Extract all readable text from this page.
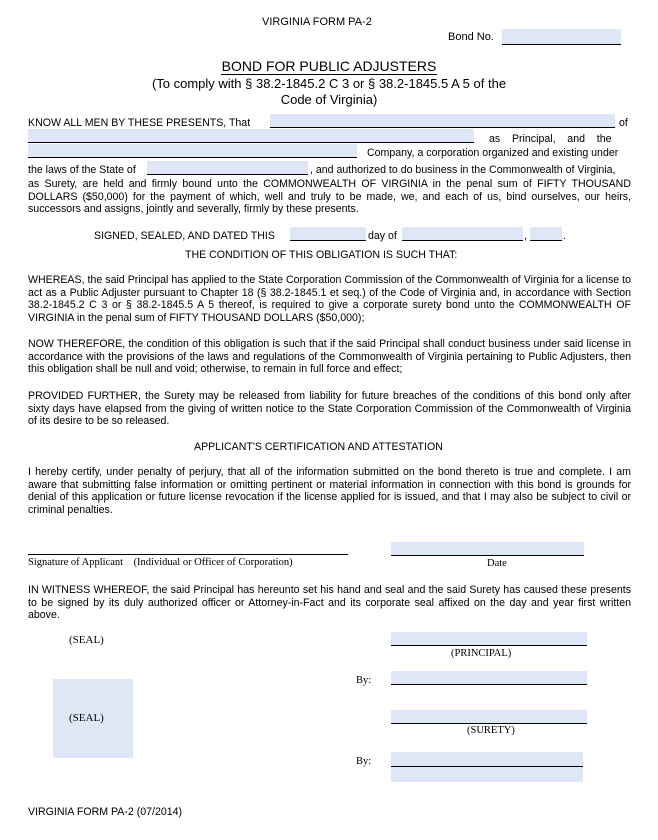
VIRGINIA FORM PA-2
Bond No.
BOND FOR PUBLIC ADJUSTERS
(To comply with § 38.2-1845.2 C 3 or § 38.2-1845.5 A 5 of the
Code of Virginia)
KNOW ALL MEN BY THESE PRESENTS, That	of
as    Principal,    and    the
Company, a corporation organized and existing under
the laws of the State of	, and authorized to do business in the Commonwealth of Virginia,
as Surety, are held and firmly bound unto the COMMONWEALTH OF VIRGINIA in the penal sum of FIFTY THOUSAND DOLLARS ($50,000) for the payment of which, well and truly to be made, we, and each of us, bind ourselves, our heirs, successors and assigns, jointly and severally, firmly by these presents.
SIGNED, SEALED, AND DATED THIS	day of	,	.
THE CONDITION OF THIS OBLIGATION IS SUCH THAT:
WHEREAS, the said Principal has applied to the State Corporation Commission of the Commonwealth of Virginia for a license to act as a Public Adjuster pursuant to Chapter 18 (§ 38.2-1845.1 et seq.) of the Code of Virginia and, in accordance with Section 38.2-1845.2 C 3 or § 38.2-1845.5 A 5 thereof, is required to give a corporate surety bond unto the COMMONWEALTH OF VIRGINIA in the penal sum of FIFTY THOUSAND DOLLARS ($50,000);
NOW THEREFORE, the condition of this obligation is such that if the said Principal shall conduct business under said license in accordance with the provisions of the laws and regulations of the Commonwealth of Virginia pertaining to Public Adjusters, then this obligation shall be null and void; otherwise, to remain in full force and effect;
PROVIDED FURTHER, the Surety may be released from liability for future breaches of the conditions of this bond only after sixty days have elapsed from the giving of written notice to the State Corporation Commission of the Commonwealth of Virginia of its desire to be so released.
APPLICANT'S CERTIFICATION AND ATTESTATION
I hereby certify, under penalty of perjury, that all of the information submitted on the bond thereto is true and complete. I am aware that submitting false information or omitting pertinent or material information in connection with this bond is grounds for denial of this application or future license revocation if the license applied for is issued, and that I may also be subject to civil or criminal penalties.
Signature of Applicant    (Individual or Officer of Corporation)	Date
IN WITNESS WHEREOF, the said Principal has hereunto set his hand and seal and the said Surety has caused these presents to be signed by its duly authorized officer or Attorney-in-Fact and its corporate seal affixed on the day and year first written above.
(SEAL)
(PRINCIPAL)
By:
(SEAL)
(SURETY)
By:
VIRGINIA FORM PA-2 (07/2014)
